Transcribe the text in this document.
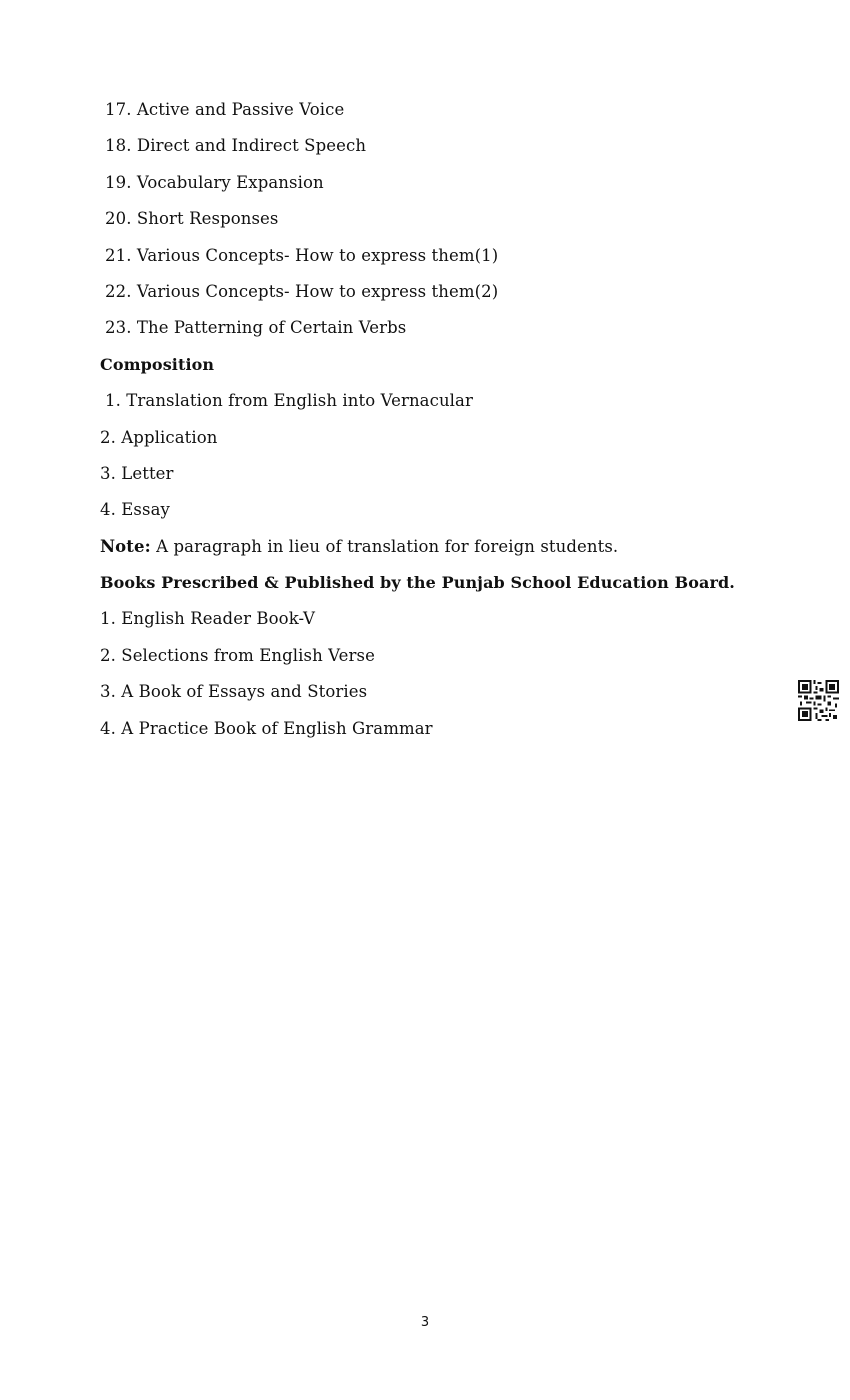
17. Active and Passive Voice
18. Direct and Indirect Speech
19. Vocabulary Expansion
20. Short Responses
21. Various Concepts- How to express them(1)
22. Various Concepts- How to express them(2)
23. The Patterning of Certain Verbs
Composition
1. Translation from English into Vernacular
2. Application
3. Letter
4. Essay
Note: A paragraph in lieu of translation for foreign students.
Books Prescribed & Published by the Punjab School Education Board.
1. English Reader Book-V
2. Selections from English Verse
3. A Book of Essays and Stories
4. A Practice Book of English Grammar
3
